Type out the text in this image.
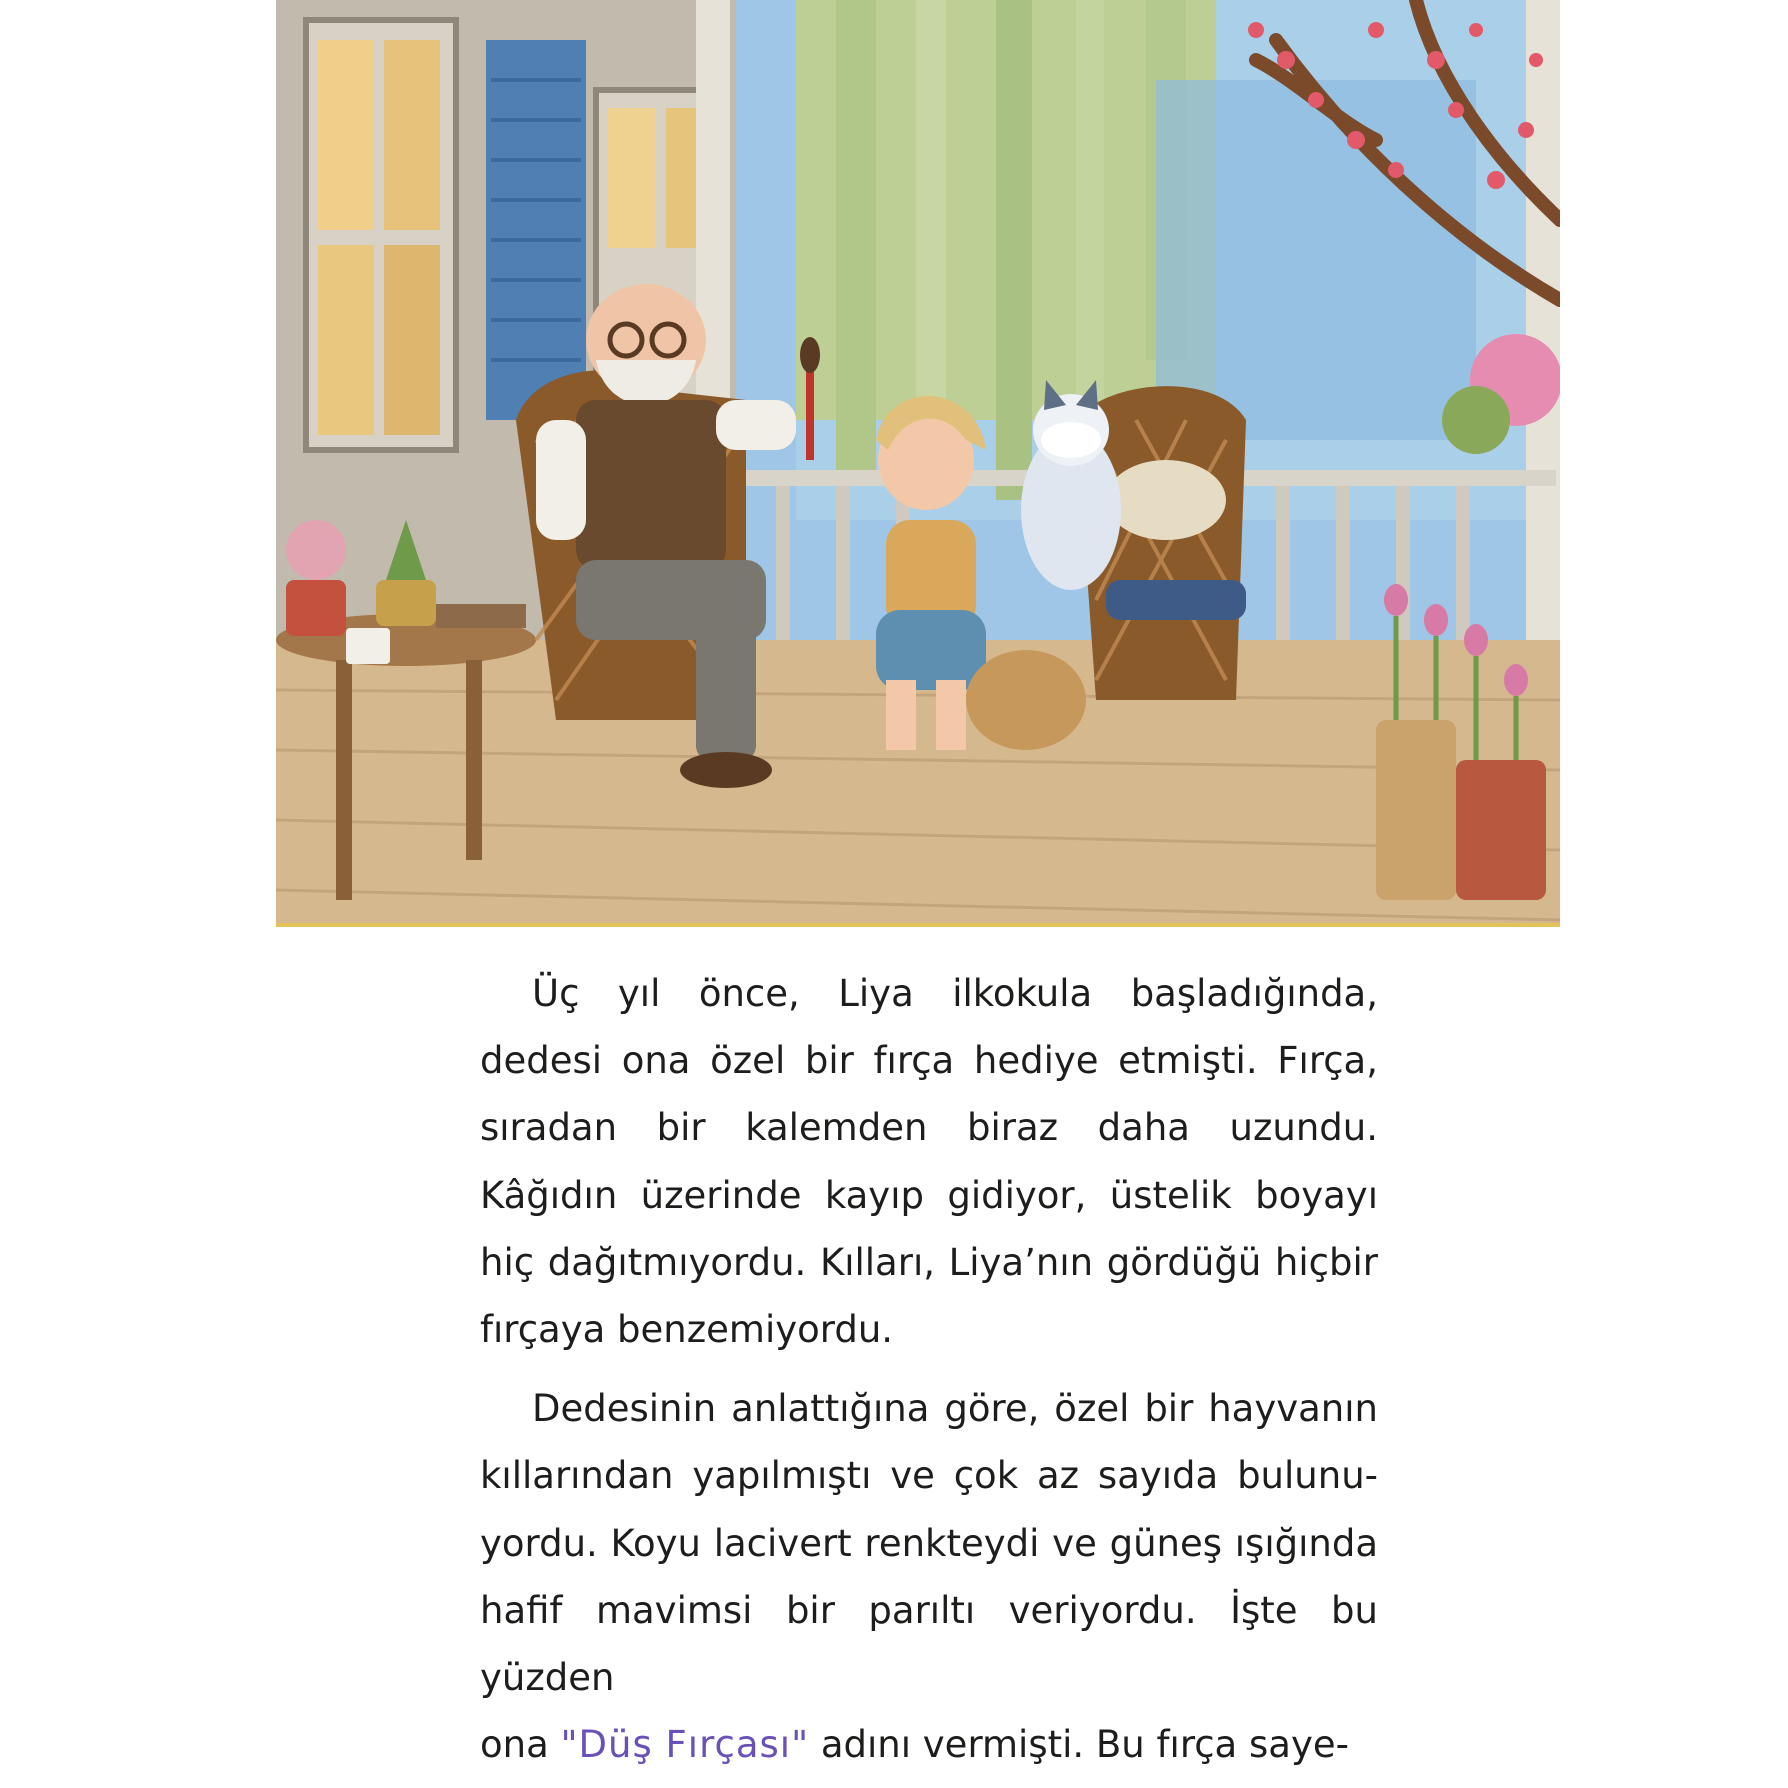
Üç yıl önce, Liya ilkokula başladığında,
dedesi ona özel bir fırça hediye etmişti. Fırça,
sıradan bir kalemden biraz daha uzundu.
Kâğıdın üzerinde kayıp gidiyor, üstelik boyayı
hiç dağıtmıyordu. Kılları, Liya’nın gördüğü hiçbir
fırçaya benzemiyordu.

Dedesinin anlattığına göre, özel bir hayvanın
kıllarından yapılmıştı ve çok az sayıda bulunu-
yordu. Koyu lacivert renkteydi ve güneş ışığında
hafif mavimsi bir parıltı veriyordu. İşte bu yüzden
ona "Düş Fırçası" adını vermişti. Bu fırça saye-
